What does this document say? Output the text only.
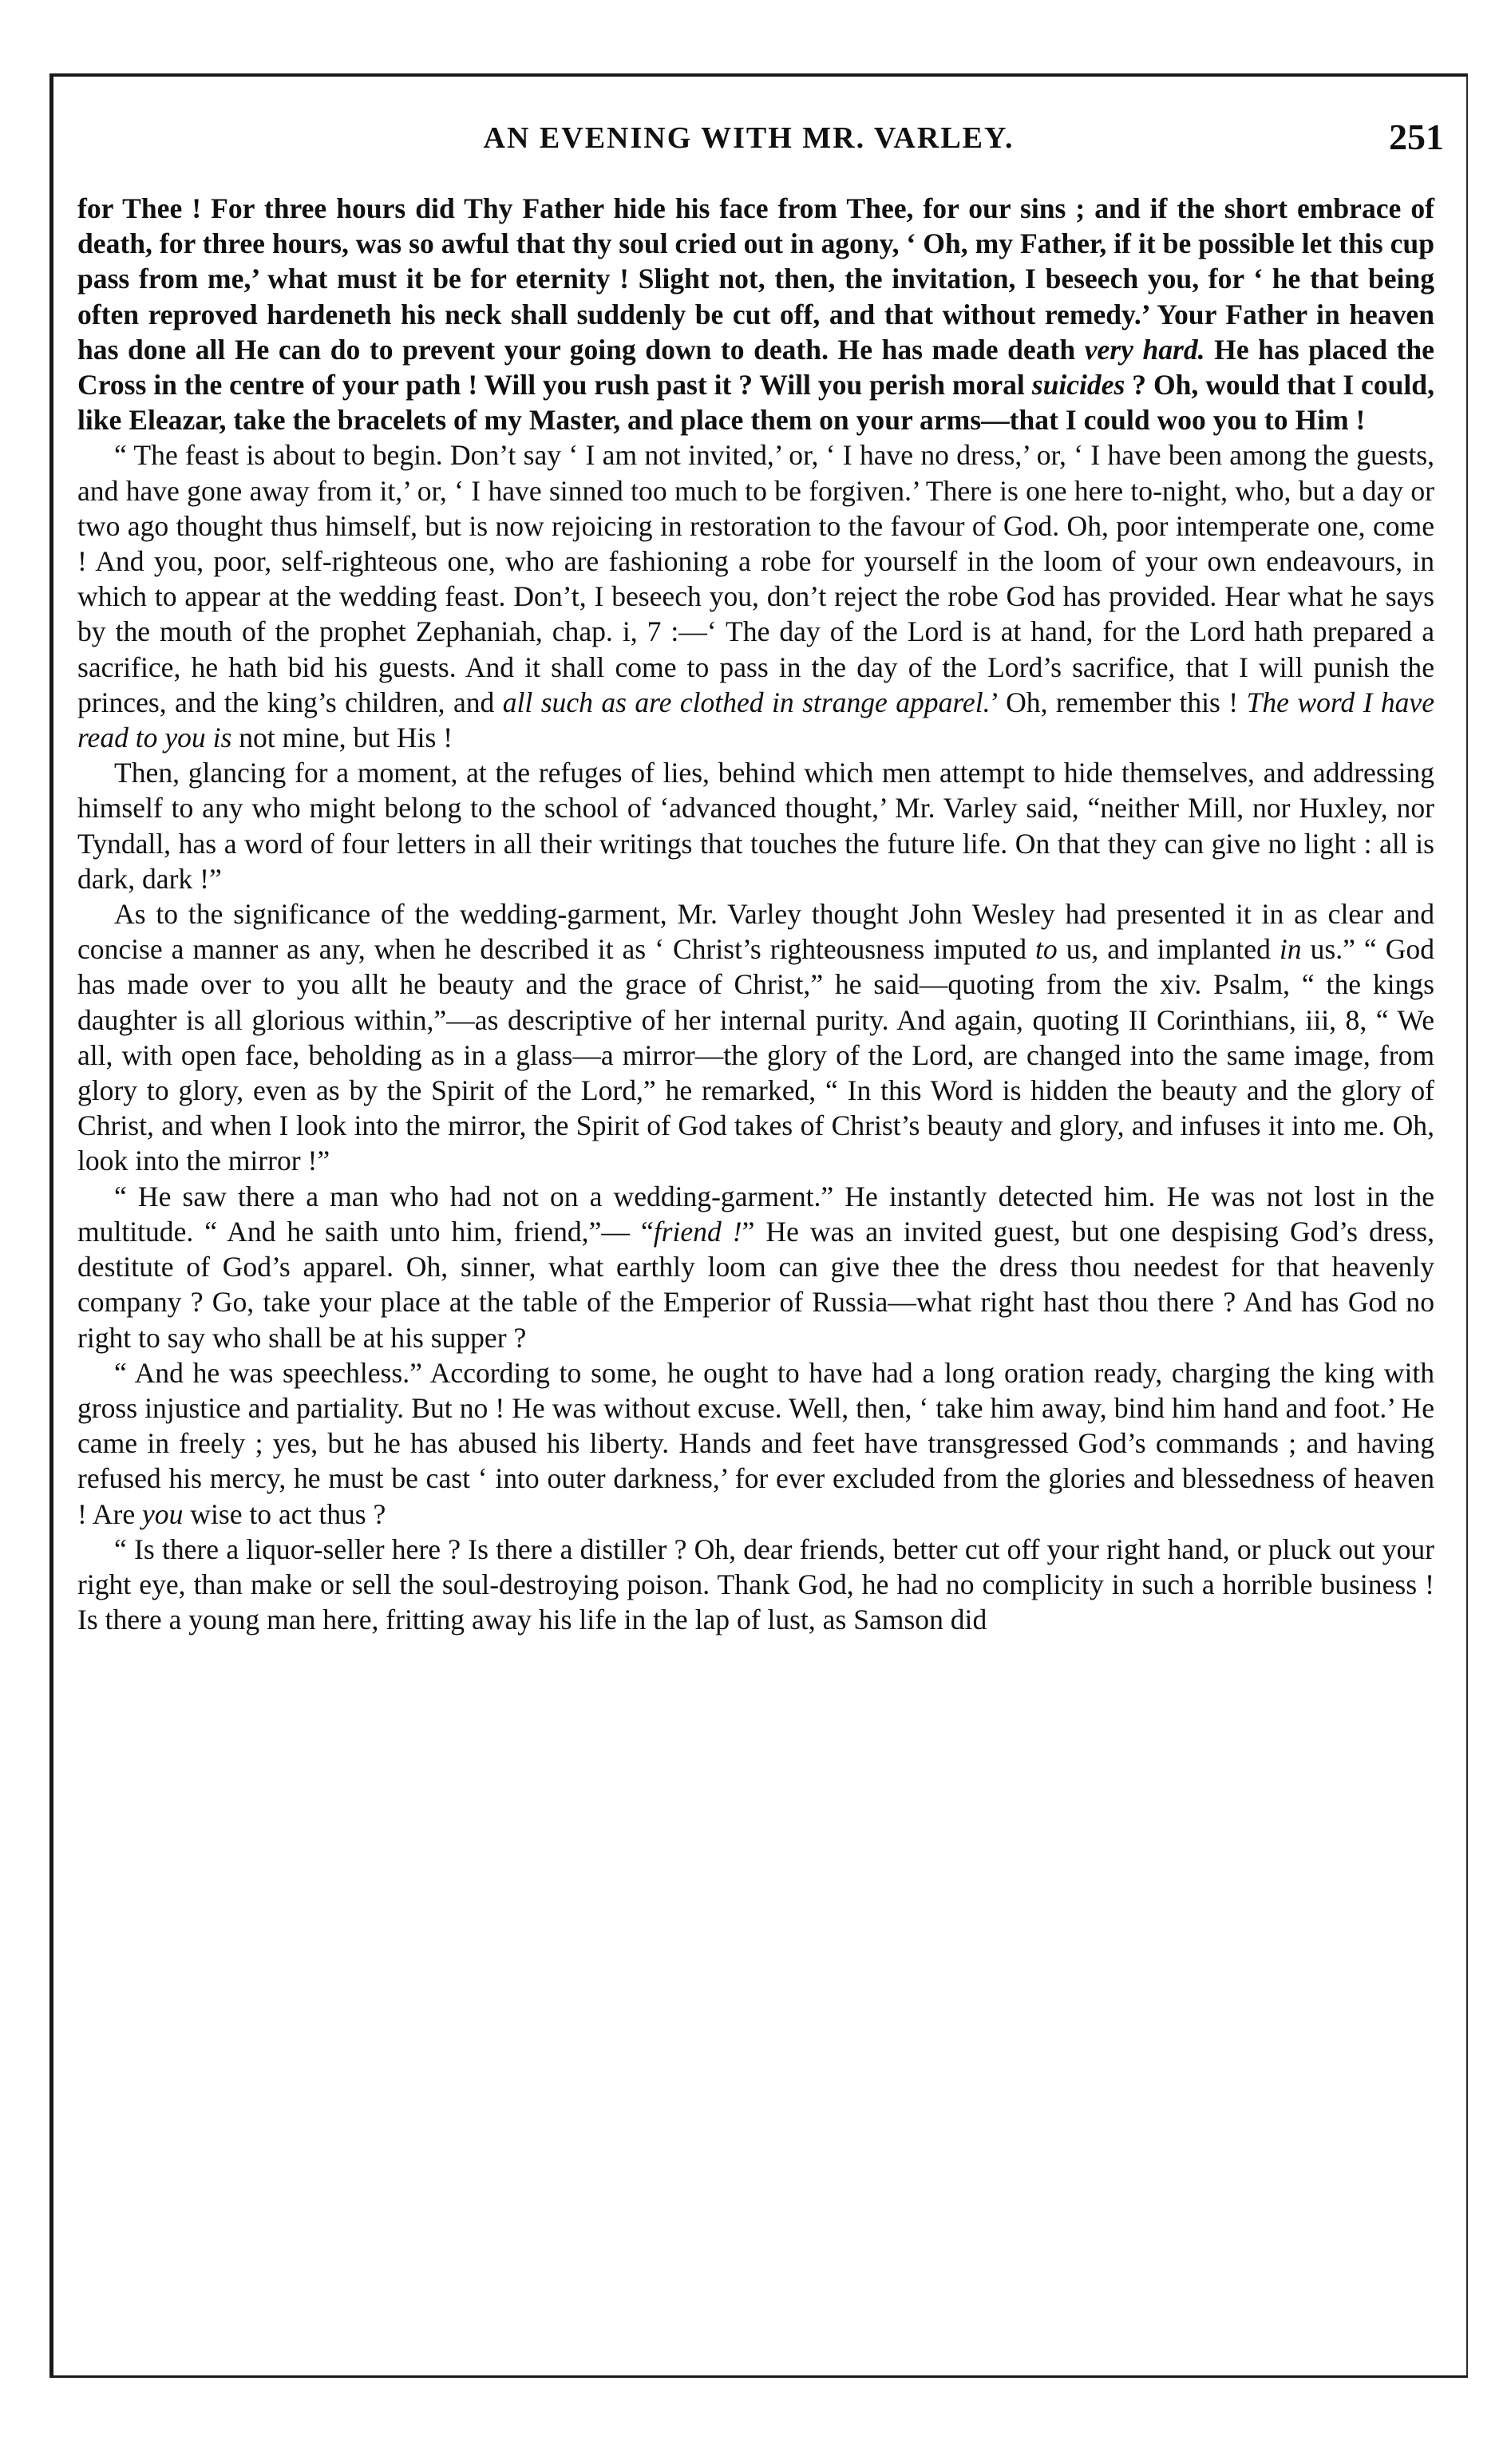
AN EVENING WITH MR. VARLEY.	251

for Thee ! For three hours did Thy Father hide his face from Thee, for our sins ; and if the short embrace of death, for three hours, was so awful that thy soul cried out in agony, ‘ Oh, my Father, if it be possible let this cup pass from me,’ what must it be for eternity ! Slight not, then, the invitation, I beseech you, for ‘ he that being often reproved hardeneth his neck shall suddenly be cut off, and that without remedy.’ Your Father in heaven has done all He can do to prevent your going down to death. He has made death very hard. He has placed the Cross in the centre of your path ! Will you rush past it ? Will you perish moral suicides ? Oh, would that I could, like Eleazar, take the bracelets of my Master, and place them on your arms—that I could woo you to Him !

“ The feast is about to begin. Don’t say ‘ I am not invited,’ or, ‘ I have no dress,’ or, ‘ I have been among the guests, and have gone away from it,’ or, ‘ I have sinned too much to be forgiven.’ There is one here to-night, who, but a day or two ago thought thus himself, but is now rejoicing in restoration to the favour of God. Oh, poor intemperate one, come ! And you, poor, self-righteous one, who are fashioning a robe for yourself in the loom of your own endeavours, in which to appear at the wedding feast. Don’t, I beseech you, don’t reject the robe God has provided. Hear what he says by the mouth of the prophet Zephaniah, chap. i, 7 :—‘ The day of the Lord is at hand, for the Lord hath prepared a sacrifice, he hath bid his guests. And it shall come to pass in the day of the Lord’s sacrifice, that I will punish the princes, and the king’s children, and all such as are clothed in strange apparel.’ Oh, remember this ! The word I have read to you is not mine, but His !

Then, glancing for a moment, at the refuges of lies, behind which men attempt to hide themselves, and addressing himself to any who might belong to the school of ‘advanced thought,’ Mr. Varley said, “neither Mill, nor Huxley, nor Tyndall, has a word of four letters in all their writings that touches the future life. On that they can give no light : all is dark, dark !”

As to the significance of the wedding-garment, Mr. Varley thought John Wesley had presented it in as clear and concise a manner as any, when he described it as ‘ Christ’s righteousness imputed to us, and implanted in us.” “ God has made over to you allt he beauty and the grace of Christ,” he said—quoting from the xiv. Psalm, “ the kings daughter is all glorious within,”—as descriptive of her internal purity. And again, quoting II Corinthians, iii, 8, “ We all, with open face, beholding as in a glass—a mirror—the glory of the Lord, are changed into the same image, from glory to glory, even as by the Spirit of the Lord,” he remarked, “ In this Word is hidden the beauty and the glory of Christ, and when I look into the mirror, the Spirit of God takes of Christ’s beauty and glory, and infuses it into me. Oh, look into the mirror !”

“ He saw there a man who had not on a wedding-garment.” He instantly detected him. He was not lost in the multitude. “ And he saith unto him, friend,”— “friend !” He was an invited guest, but one despising God’s dress, destitute of God’s apparel. Oh, sinner, what earthly loom can give thee the dress thou needest for that heavenly company ? Go, take your place at the table of the Emperior of Russia—what right hast thou there ? And has God no right to say who shall be at his supper ?

“ And he was speechless.” According to some, he ought to have had a long oration ready, charging the king with gross injustice and partiality. But no ! He was without excuse. Well, then, ‘ take him away, bind him hand and foot.’ He came in freely ; yes, but he has abused his liberty. Hands and feet have transgressed God’s commands ; and having refused his mercy, he must be cast ‘ into outer darkness,’ for ever excluded from the glories and blessedness of heaven ! Are you wise to act thus ?

“ Is there a liquor-seller here ? Is there a distiller ? Oh, dear friends, better cut off your right hand, or pluck out your right eye, than make or sell the soul-destroying poison. Thank God, he had no complicity in such a horrible business ! Is there a young man here, fritting away his life in the lap of lust, as Samson did
